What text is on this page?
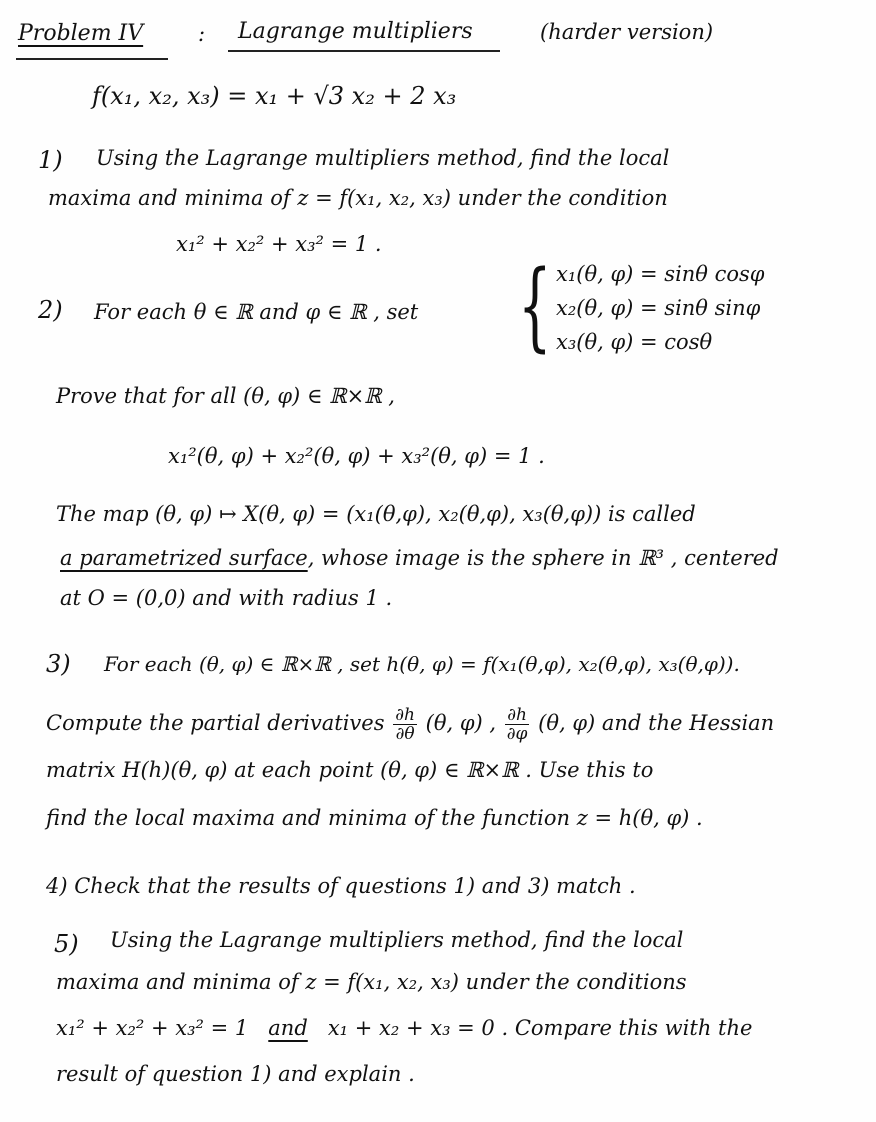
Problem IV	: Lagrange multipliers	(harder version)
f(x₁, x₂, x₃) = x₁ + √3 x₂ + 2 x₃
1) Using the Lagrange multipliers method, find the local
maxima and minima of z = f(x₁, x₂, x₃) under the condition
x₁² + x₂² + x₃² = 1 .
2) For each θ ∈ ℝ and φ ∈ ℝ , set { x₁(θ, φ) = sinθ cosφ
x₂(θ, φ) = sinθ sinφ
x₃(θ, φ) = cosθ
Prove that for all (θ, φ) ∈ ℝ×ℝ ,
x₁²(θ, φ) + x₂²(θ, φ) + x₃²(θ, φ) = 1 .
The map (θ, φ) ↦ X(θ, φ) = (x₁(θ,φ), x₂(θ,φ), x₃(θ,φ)) is called
a parametrized surface, whose image is the sphere in ℝ³ , centered
at O = (0,0) and with radius 1 .
3) For each (θ, φ) ∈ ℝ×ℝ , set h(θ, φ) = f(x₁(θ,φ), x₂(θ,φ), x₃(θ,φ)).
Compute the partial derivatives $\frac{\partial h}{\partial\theta} (\theta$, φ) , $\frac{\partial h}{\partial\varphi} (\theta$, φ) and the Hessian
matrix H(h)(θ, φ) at each point (θ, φ) ∈ ℝ×ℝ . Use this to
find the local maxima and minima of the function z = h(θ, φ) .
4) Check that the results of questions 1) and 3) match .
5) Using the Lagrange multipliers method, find the local
maxima and minima of z = f(x₁, x₂, x₃) under the conditions
x₁² + x₂² + x₃² = 1 and x₁ + x₂ + x₃ = 0 . Compare this with the
result of question 1) and explain .
